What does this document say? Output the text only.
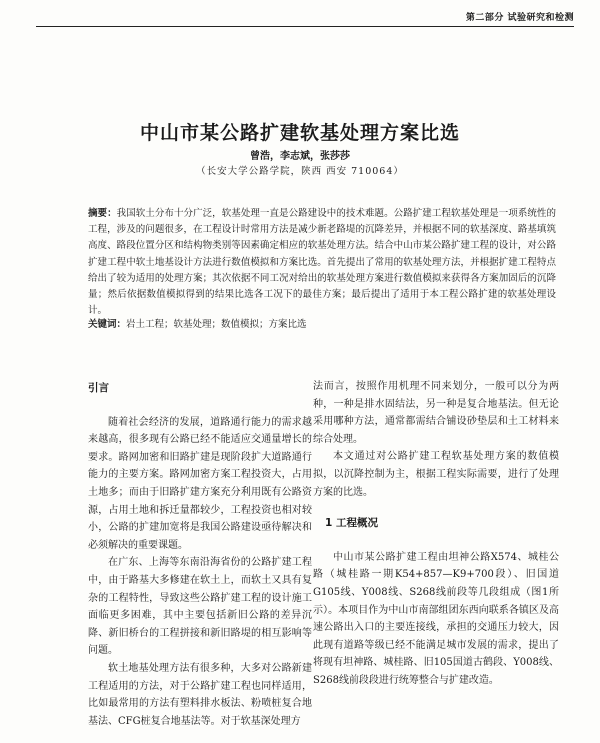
第二部分 试验研究和检测
中山市某公路扩建软基处理方案比选
曾浩，李志斌，张莎莎
（长安大学公路学院，陕西 西安 710064）
摘要：我国软土分布十分广泛，软基处理一直是公路建设中的技术难题。公路扩建工程软基处理是一项系统性的工程，涉及的问题很多，在工程设计时常用方法是减少新老路堤的沉降差异，并根据不同的软基深度、路基填筑高度、路段位置分区和结构物类别等因素确定相应的软基处理方法。结合中山市某公路扩建工程的设计，对公路扩建工程中软土地基设计方法进行数值模拟和方案比选。首先提出了常用的软基处理方法，并根据扩建工程特点给出了较为适用的处理方案；其次依据不同工况对给出的软基处理方案进行数值模拟来获得各方案加固后的沉降量；然后依据数值模拟得到的结果比选各工况下的最佳方案；最后提出了适用于本工程公路扩建的软基处理设计。
关键词：岩土工程；软基处理；数值模拟；方案比选
引言

随着社会经济的发展，道路通行能力的需求越来越高，很多现有公路已经不能适应交通量增长的要求。路网加密和旧路扩建是现阶段扩大道路通行能力的主要方案。路网加密方案工程投资大，占用土地多；而由于旧路扩建方案充分利用既有公路资源，占用土地和拆迁量都较少，工程投资也相对较小，公路的扩建加宽将是我国公路建设亟待解决和必须解决的重要课题。

在广东、上海等东南沿海省份的公路扩建工程中，由于路基大多修建在软土上，而软土又具有复杂的工程特性，导致这些公路扩建工程的设计施工面临更多困难，其中主要包括新旧公路的差异沉降、新旧桥台的工程拼接和新旧路堤的相互影响等问题。

软土地基处理方法有很多种，大多对公路新建工程适用的方法，对于公路扩建工程也同样适用，比如最常用的方法有塑料排水板法、粉喷桩复合地基法、CFG桩复合地基法等。对于软基深处理方

法而言，按照作用机理不同来划分，一般可以分为两种，一种是排水固结法，另一种是复合地基法。但无论采用哪种方法，通常都需结合铺设砂垫层和土工材料来综合处理。

本文通过对公路扩建工程软基处理方案的数值模拟，以沉降控制为主，根据工程实际需要，进行了处理方案的比选。

1 工程概况

中山市某公路扩建工程由坦神公路X574、城桂公路（城桂路一期K54+857—K9+700段）、旧国道G105线、Y008线、S268线前段等几段组成（图1所示）。本项目作为中山市南部组团东西向联系各镇区及高速公路出入口的主要连接线，承担的交通压力较大，因此现有道路等级已经不能满足城市发展的需求，提出了将现有坦神路、城桂路、旧105国道古鹤段、Y008线、S268线前段段进行统筹整合与扩建改造。
